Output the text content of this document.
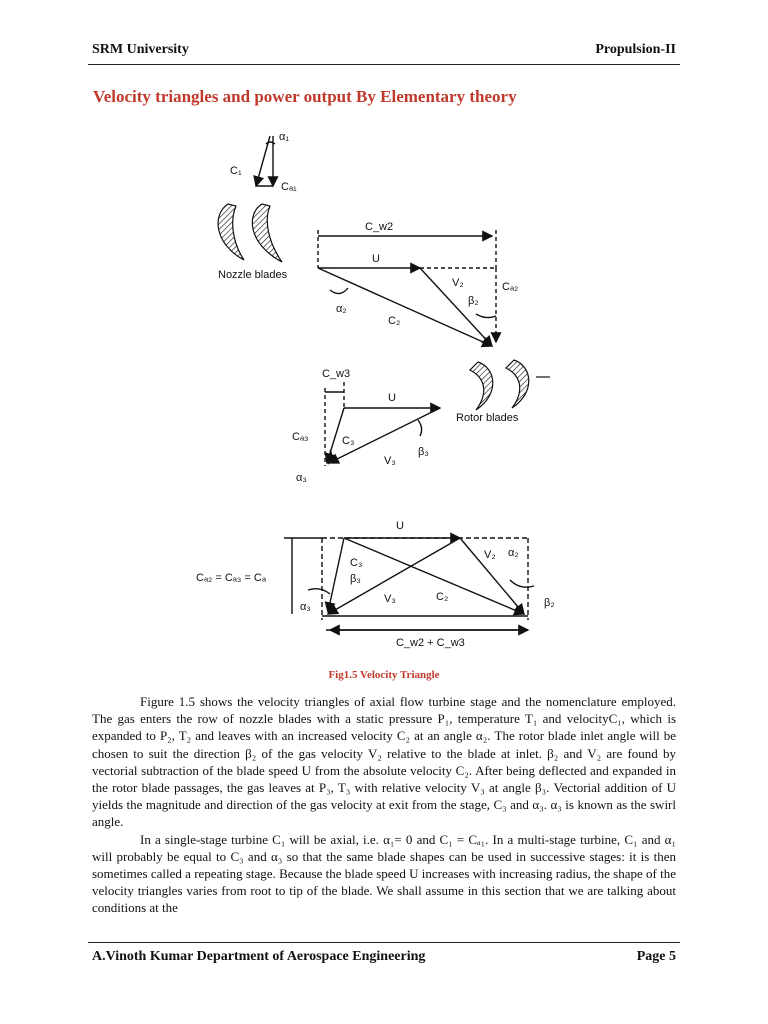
SRM University	Propulsion-II
Velocity triangles and power output By Elementary theory
α₁
C₁
Cₐ₁
Nozzle blades
C_w2
U
V₂
β₂
Cₐ₂
α₂
C₂
Rotor blades
C_w3
U
Cₐ₃	C₃
β₃
V₃
α₃
U
C₃
β₃
V₃	C₂
V₂ α₂
β₂
α₃
Cₐ₂ = Cₐ₃ = Cₐ
C_w2 + C_w3
Fig1.5 Velocity Triangle

Figure 1.5 shows the velocity triangles of axial flow turbine stage and the nomenclature employed. The gas enters the row of nozzle blades with a static pressure P₁, temperature T₁ and velocityC₁, which is expanded to P₂, T₂ and leaves with an increased velocity C₂ at an angle α₂. The rotor blade inlet angle will be chosen to suit the direction β₂ of the gas velocity V₂ relative to the blade at inlet. β₂ and V₂ are found by vectorial subtraction of the blade speed U from the absolute velocity C₂. After being deflected and expanded in the rotor blade passages, the gas leaves at P₃, T₃ with relative velocity V₃ at angle β₃. Vectorial addition of U yields the magnitude and direction of the gas velocity at exit from the stage, C₃ and α₃. α₃ is known as the swirl angle.

In a single-stage turbine C₁ will be axial, i.e. α₁= 0 and C₁ = Cₐ₁. In a multi-stage turbine, C₁ and α₁ will probably be equal to C₃ and α₃ so that the same blade shapes can be used in successive stages: it is then sometimes called a repeating stage. Because the blade speed U increases with increasing radius, the shape of the velocity triangles varies from root to tip of the blade. We shall assume in this section that we are talking about conditions at the

A.Vinoth Kumar Department of Aerospace Engineering	Page 5
